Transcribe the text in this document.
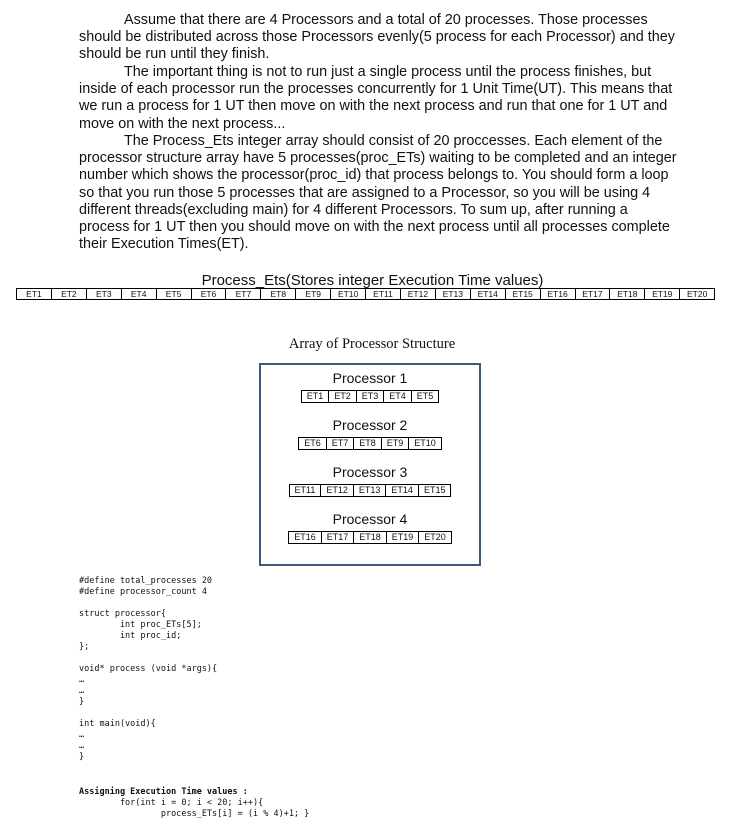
Assume that there are 4 Processors and a total of 20 processes. Those processes should be distributed across those Processors evenly(5 process for each Processor) and they should be run until they finish.
The important thing is not to run just a single process until the process finishes, but inside of each processor run the processes concurrently for 1 Unit Time(UT). This means that we run a process for 1 UT then move on with the next process and run that one for 1 UT and move on with the next process...
The Process_Ets integer array should consist of 20 proccesses. Each element of the processor structure array have 5 processes(proc_ETs) waiting to be completed and an integer number which shows the processor(proc_id) that process belongs to. You should form a loop so that you run those 5 processes that are assigned to a Processor, so you will be using 4 different threads(excluding main) for 4 different Processors. To sum up, after running a process for 1 UT then you should move on with the next process until all processes complete their Execution Times(ET).
Process_Ets(Stores integer Execution Time values)
ET1	ET2	ET3	ET4	ET5	ET6	ET7	ET8	ET9	ET10	ET11	ET12	ET13	ET14	ET15	ET16	ET17	ET18	ET19	ET20
Array of Processor Structure
Processor 1
ET1	ET2	ET3	ET4	ET5
Processor 2
ET6	ET7	ET8	ET9	ET10
Processor 3
ET11	ET12	ET13	ET14	ET15
Processor 4
ET16	ET17	ET18	ET19	ET20
#define total_processes 20
#define processor_count 4

struct processor{
int proc_ETs[5];
int proc_id;
};

void* process (void *args){
…
…
}

int main(void){
…
…
}
Assigning Execution Time values :
for(int i = 0; i < 20; i++){
process_ETs[i] = (i % 4)+1; }
